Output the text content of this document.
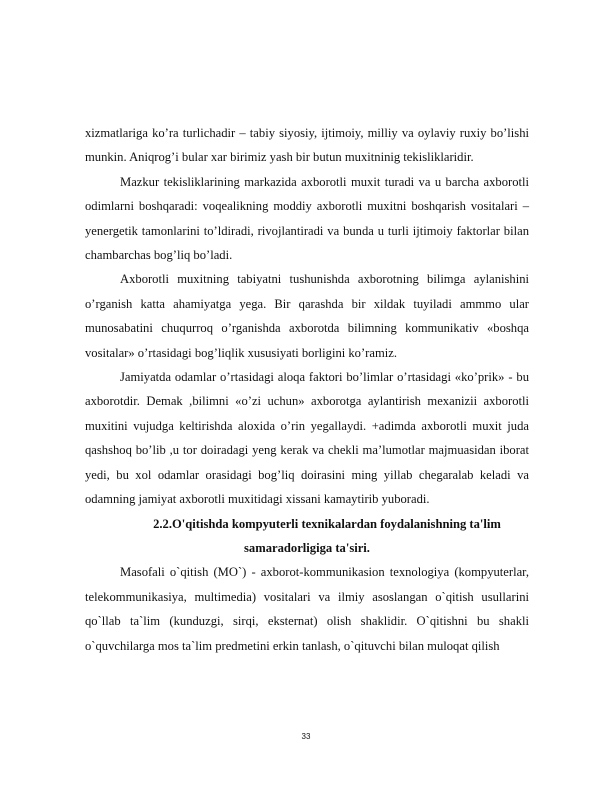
xizmatlariga ko’ra turlichadir – tabiy siyosiy, ijtimoiy, milliy va oylaviy ruxiy bo’lishi munkin. Aniqrog’i bular xar birimiz yash bir butun muxitninig tekisliklaridir.

Mazkur tekisliklarining markazida axborotli muxit turadi va u barcha axborotli odimlarni boshqaradi: voqealikning moddiy axborotli muxitni boshqarish vositalari – yenergetik tamonlarini to’ldiradi, rivojlantiradi va bunda u turli ijtimoiy faktorlar bilan chambarchas bog’liq bo’ladi.

Axborotli muxitning tabiyatni tushunishda axborotning bilimga aylanishini o’rganish katta ahamiyatga yega. Bir qarashda bir xildak tuyiladi ammmo ular munosabatini chuqurroq o’rganishda axborotda bilimning kommunikativ «boshqa vositalar» o’rtasidagi bog’liqlik xususiyati borligini ko’ramiz.

Jamiyatda odamlar o’rtasidagi aloqa faktori bo’limlar o’rtasidagi «ko’prik» - bu axborotdir. Demak ,bilimni «o’zi uchun» axborotga aylantirish mexanizii axborotli muxitini vujudga keltirishda aloxida o’rin yegallaydi. +adimda axborotli muxit juda qashshoq bo’lib ,u tor doiradagi yeng kerak va chekli ma’lumotlar majmuasidan iborat yedi, bu xol odamlar orasidagi bog’liq doirasini ming yillab chegaralab keladi va odamning jamiyat axborotli muxitidagi xissani kamaytirib yuboradi.

2.2.O'qitishda kompyuterli texnikalardan foydalanishning ta'lim
samaradorligiga ta'siri.

Masofali o`qitish (MO`) - axborot-kommunikasion texnologiya (kompyuterlar, telekommunikasiya, multimedia) vositalari va ilmiy asoslangan o`qitish usullarini qo`llab ta`lim (kunduzgi, sirqi, eksternat) olish shaklidir. O`qitishni bu shakli o`quvchilarga mos ta`lim predmetini erkin tanlash, o`qituvchi bilan muloqat qilish

33
